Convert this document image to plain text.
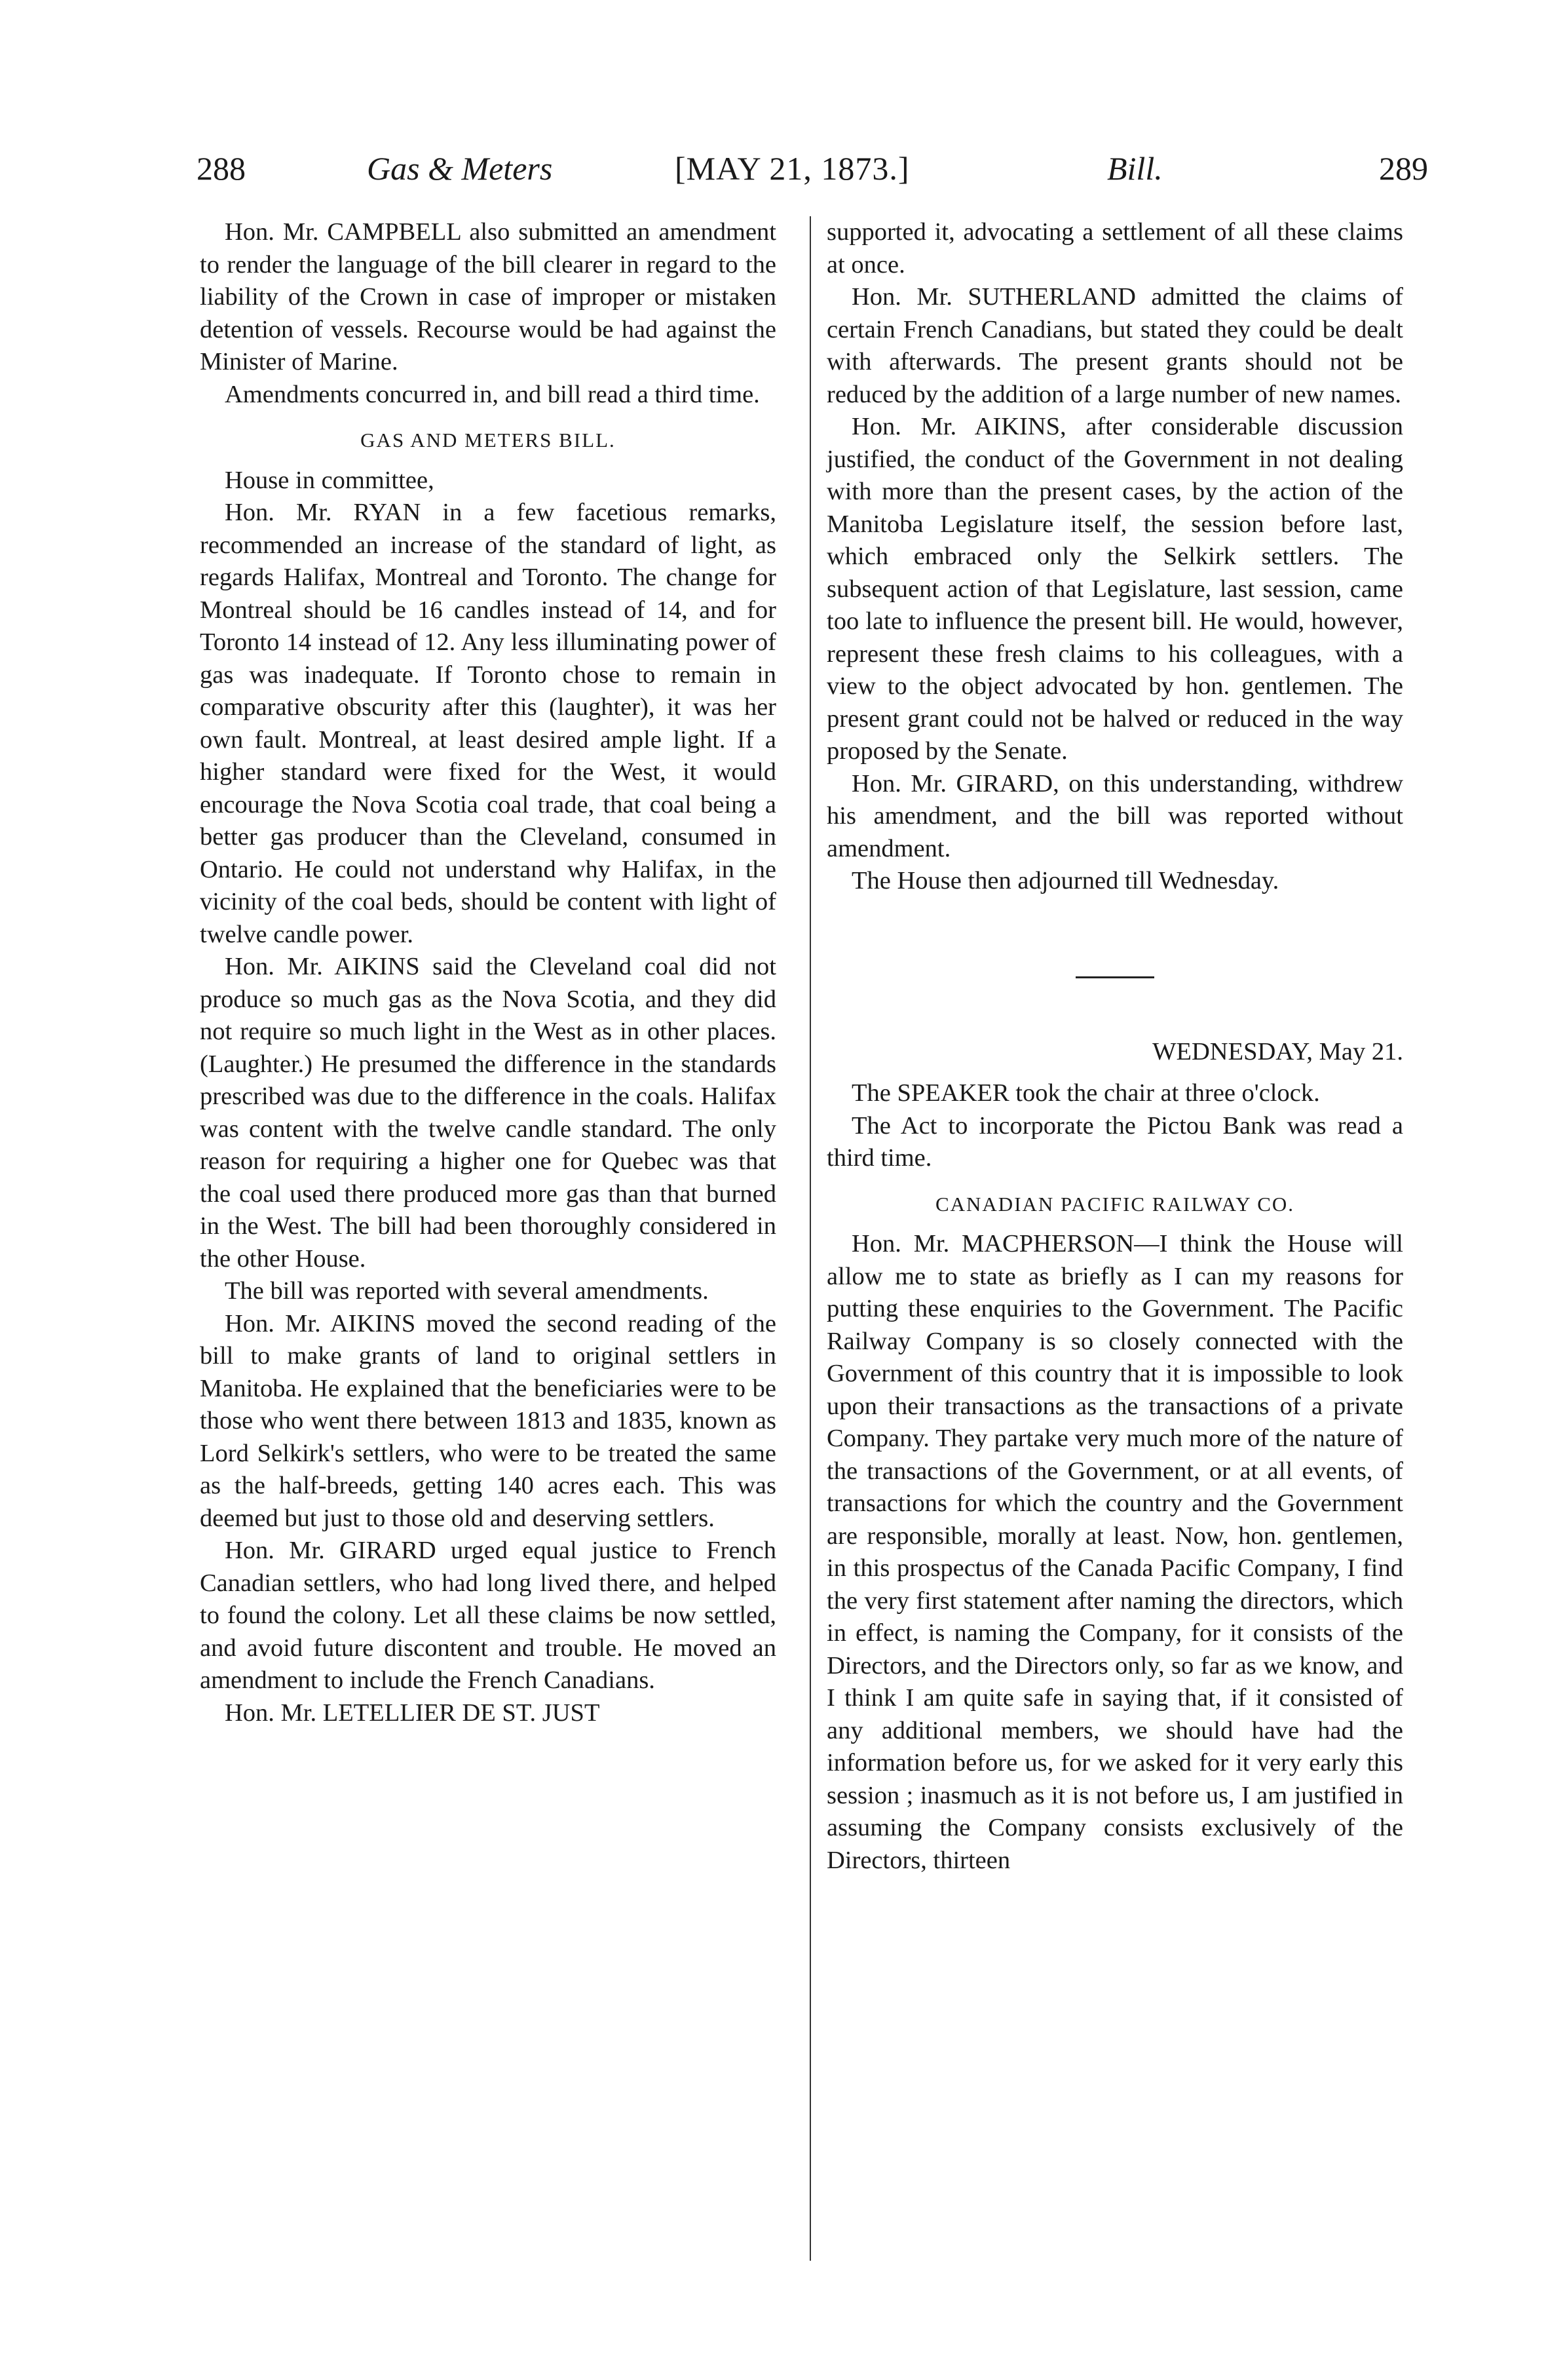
288	Gas & Meters	[MAY 21, 1873.]	Bill.	289

Hon. Mr. CAMPBELL also submitted an amendment to render the language of the bill clearer in regard to the liability of the Crown in case of improper or mistaken detention of vessels. Recourse would be had against the Minister of Marine.

Amendments concurred in, and bill read a third time.

GAS AND METERS BILL.

House in committee,

Hon. Mr. RYAN in a few facetious remarks, recommended an increase of the standard of light, as regards Halifax, Montreal and Toronto. The change for Montreal should be 16 candles instead of 14, and for Toronto 14 instead of 12. Any less illuminating power of gas was inadequate. If Toronto chose to remain in comparative obscurity after this (laughter), it was her own fault. Montreal, at least desired ample light. If a higher standard were fixed for the West, it would encourage the Nova Scotia coal trade, that coal being a better gas producer than the Cleveland, consumed in Ontario. He could not understand why Halifax, in the vicinity of the coal beds, should be content with light of twelve candle power.

Hon. Mr. AIKINS said the Cleveland coal did not produce so much gas as the Nova Scotia, and they did not require so much light in the West as in other places. (Laughter.) He presumed the difference in the standards prescribed was due to the difference in the coals. Halifax was content with the twelve candle standard. The only reason for requiring a higher one for Quebec was that the coal used there produced more gas than that burned in the West. The bill had been thoroughly considered in the other House.

The bill was reported with several amendments.

Hon. Mr. AIKINS moved the second reading of the bill to make grants of land to original settlers in Manitoba. He explained that the beneficiaries were to be those who went there between 1813 and 1835, known as Lord Selkirk's settlers, who were to be treated the same as the half-breeds, getting 140 acres each. This was deemed but just to those old and deserving settlers.

Hon. Mr. GIRARD urged equal justice to French Canadian settlers, who had long lived there, and helped to found the colony. Let all these claims be now settled, and avoid future discontent and trouble. He moved an amendment to include the French Canadians.

Hon. Mr. LETELLIER DE ST. JUST

supported it, advocating a settlement of all these claims at once.

Hon. Mr. SUTHERLAND admitted the claims of certain French Canadians, but stated they could be dealt with afterwards. The present grants should not be reduced by the addition of a large number of new names.

Hon. Mr. AIKINS, after considerable discussion justified, the conduct of the Government in not dealing with more than the present cases, by the action of the Manitoba Legislature itself, the session before last, which embraced only the Selkirk settlers. The subsequent action of that Legislature, last session, came too late to influence the present bill. He would, however, represent these fresh claims to his colleagues, with a view to the object advocated by hon. gentlemen. The present grant could not be halved or reduced in the way proposed by the Senate.

Hon. Mr. GIRARD, on this understanding, withdrew his amendment, and the bill was reported without amendment.

The House then adjourned till Wednesday.

WEDNESDAY, May 21.

The SPEAKER took the chair at three o'clock.

The Act to incorporate the Pictou Bank was read a third time.

CANADIAN PACIFIC RAILWAY CO.

Hon. Mr. MACPHERSON—I think the House will allow me to state as briefly as I can my reasons for putting these enquiries to the Government. The Pacific Railway Company is so closely connected with the Government of this country that it is impossible to look upon their transactions as the transactions of a private Company. They partake very much more of the nature of the transactions of the Government, or at all events, of transactions for which the country and the Government are responsible, morally at least. Now, hon. gentlemen, in this prospectus of the Canada Pacific Company, I find the very first statement after naming the directors, which in effect, is naming the Company, for it consists of the Directors, and the Directors only, so far as we know, and I think I am quite safe in saying that, if it consisted of any additional members, we should have had the information before us, for we asked for it very early this session ; inasmuch as it is not before us, I am justified in assuming the Company consists exclusively of the Directors, thirteen
